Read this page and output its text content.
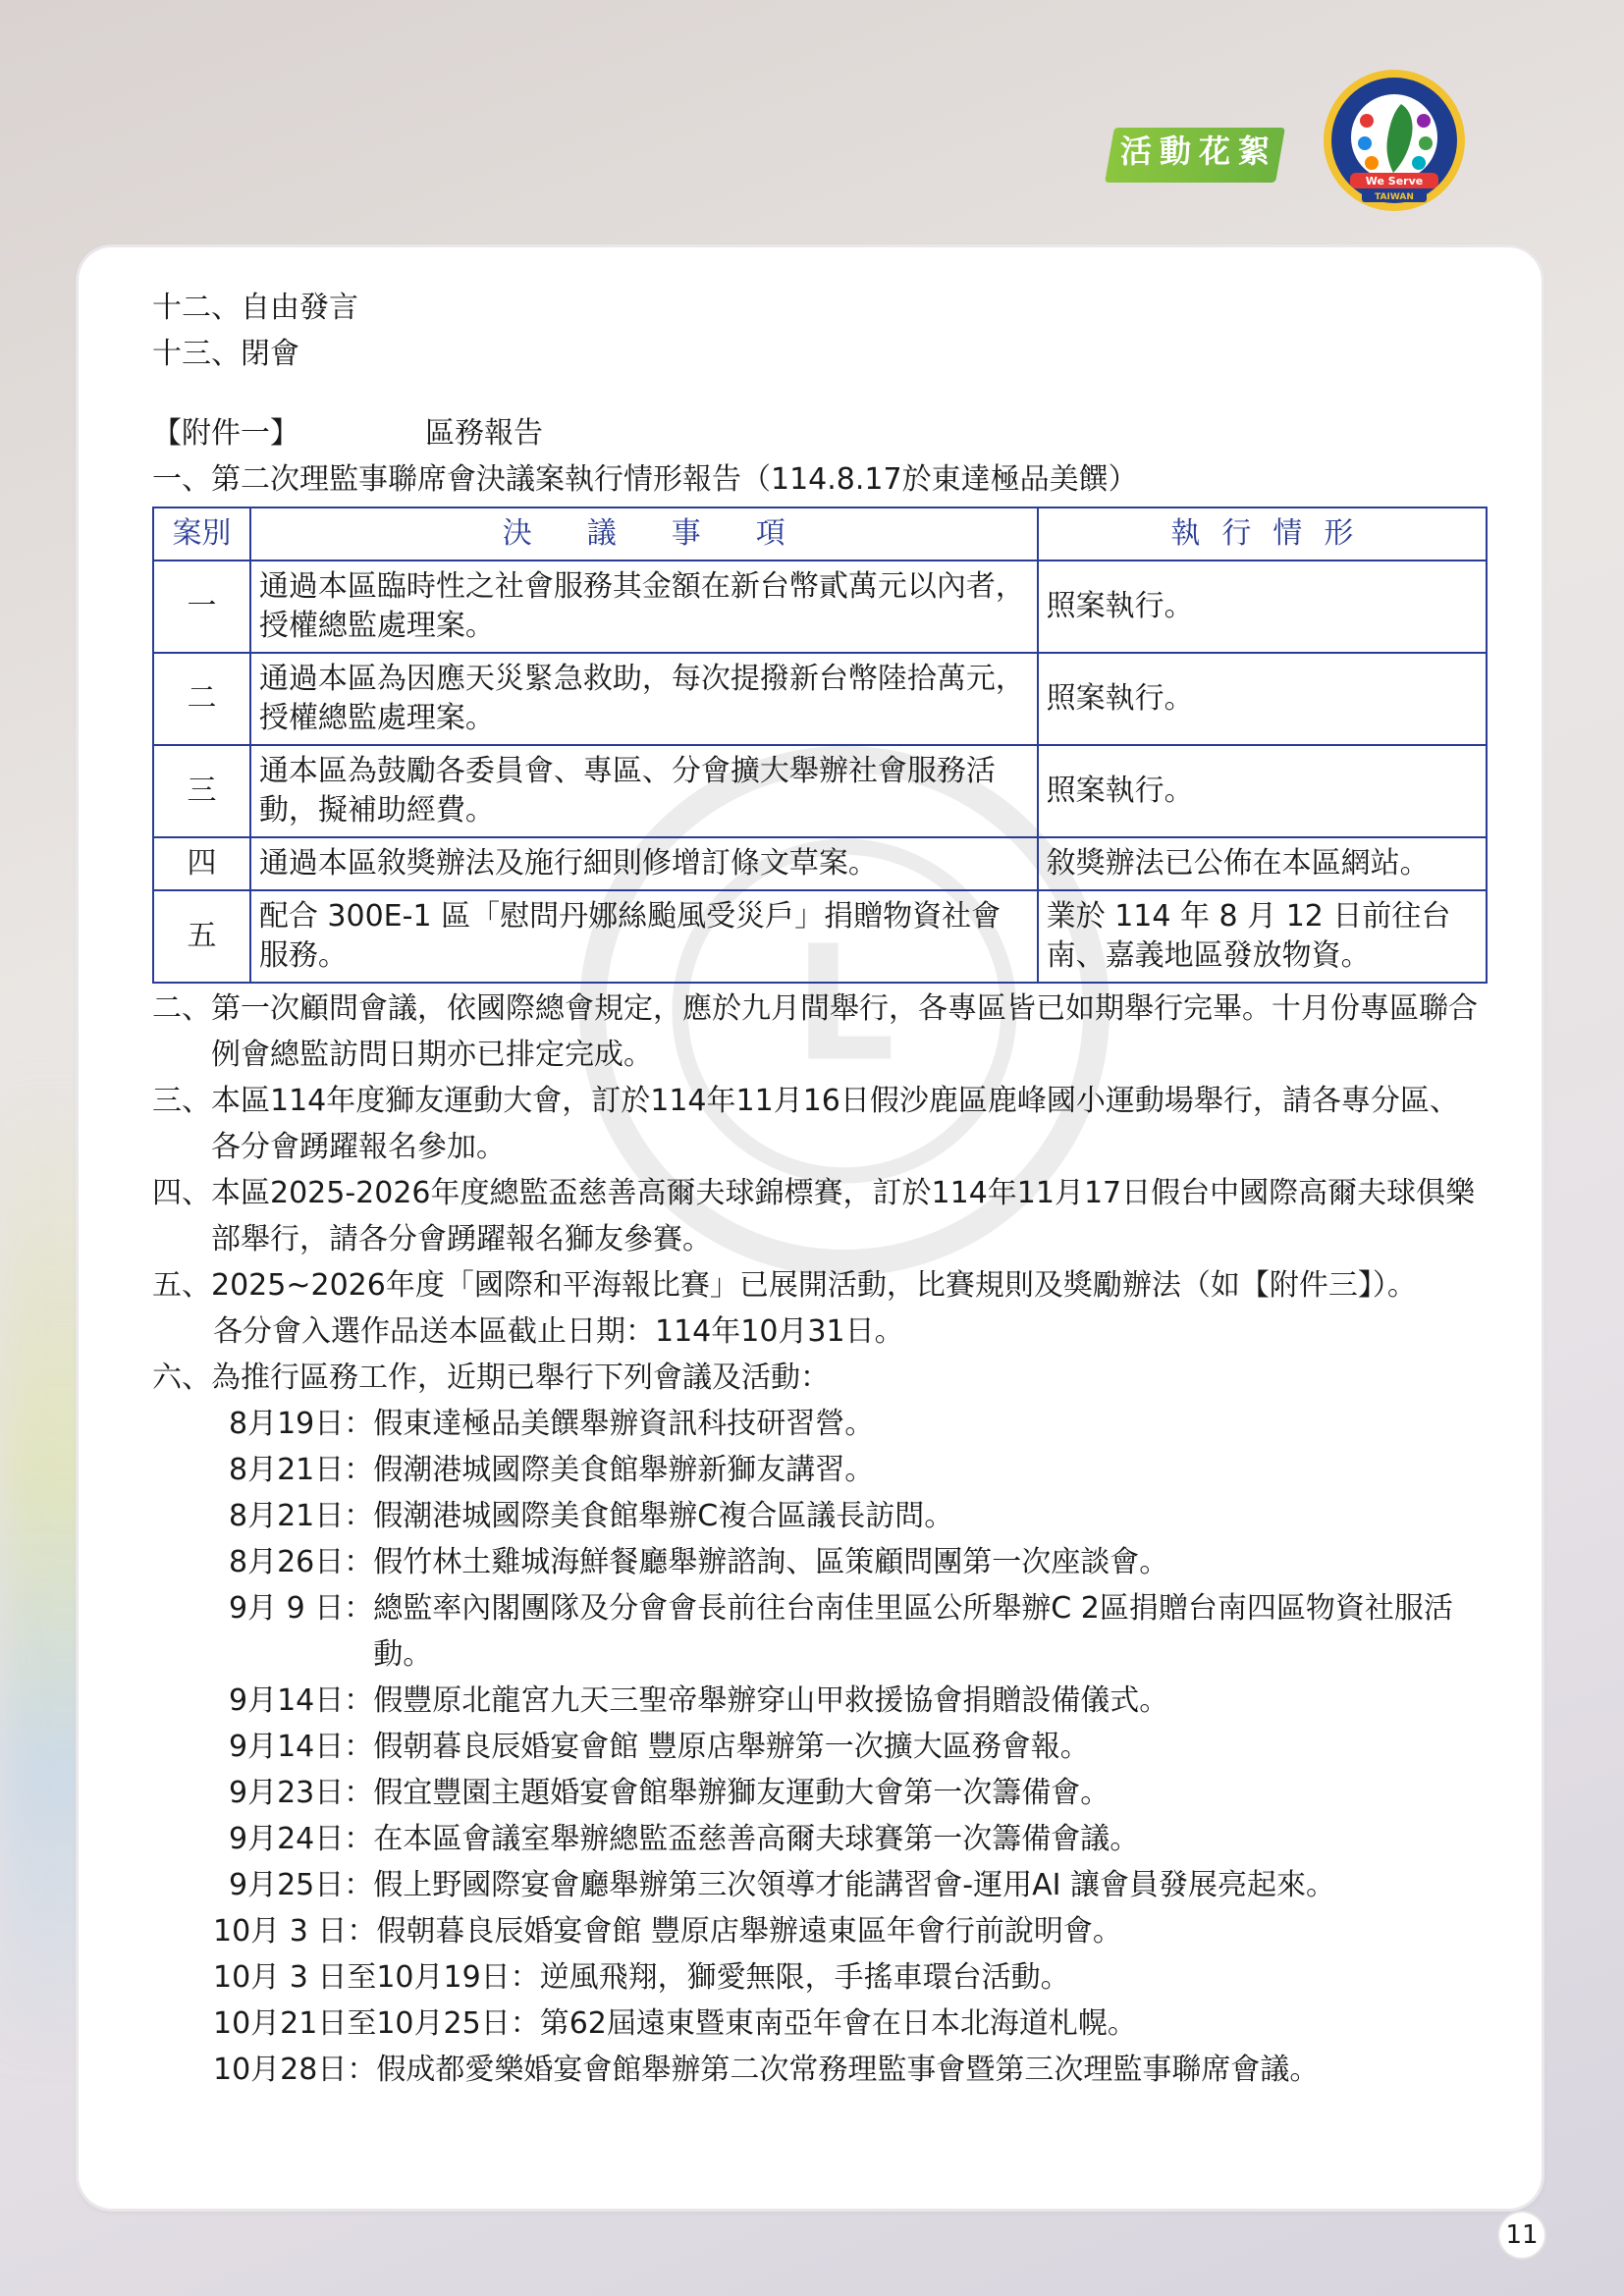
活 動 花 絮
We Serve
TAIWAN
L
十二、自由發言
十三、閉會
【附件一】	區務報告
一、第二次理監事聯席會決議案執行情形報告（114.8.17於東達極品美饌）
案別	決議事項	執行情形
一	通過本區臨時性之社會服務其金額在新台幣貳萬元以內者，授權總監處理案。	照案執行。
二	通過本區為因應天災緊急救助，每次提撥新台幣陸拾萬元，授權總監處理案。	照案執行。
三	通本區為鼓勵各委員會、專區、分會擴大舉辦社會服務活動，擬補助經費。	照案執行。
四	通過本區敘獎辦法及施行細則修增訂條文草案。	敘獎辦法已公佈在本區網站。
五	配合 300E-1 區「慰問丹娜絲颱風受災戶」捐贈物資社會服務。	業於 114 年 8 月 12 日前往台南、嘉義地區發放物資。
二、 第一次顧問會議，依國際總會規定，應於九月間舉行，各專區皆已如期舉行完畢。十月份專區聯合例會總監訪問日期亦已排定完成。
三、 本區114年度獅友運動大會，訂於114年11月16日假沙鹿區鹿峰國小運動場舉行，請各專分區、各分會踴躍報名參加。
四、 本區2025-2026年度總監盃慈善高爾夫球錦標賽，訂於114年11月17日假台中國際高爾夫球俱樂部舉行，請各分會踴躍報名獅友參賽。
五、 2025~2026年度「國際和平海報比賽」已展開活動，比賽規則及獎勵辦法（如【附件三】）。
各分會入選作品送本區截止日期：114年10月31日。
六、 為推行區務工作，近期已舉行下列會議及活動：
8月19日： 假東達極品美饌舉辦資訊科技研習營。
8月21日： 假潮港城國際美食館舉辦新獅友講習。
8月21日： 假潮港城國際美食館舉辦C複合區議長訪問。
8月26日： 假竹林土雞城海鮮餐廳舉辦諮詢、區策顧問團第一次座談會。
9月 9 日： 總監率內閣團隊及分會會長前往台南佳里區公所舉辦C 2區捐贈台南四區物資社服活動。
9月14日： 假豐原北龍宮九天三聖帝舉辦穿山甲救援協會捐贈設備儀式。
9月14日： 假朝暮良辰婚宴會館 豐原店舉辦第一次擴大區務會報。
9月23日： 假宜豐園主題婚宴會館舉辦獅友運動大會第一次籌備會。
9月24日： 在本區會議室舉辦總監盃慈善高爾夫球賽第一次籌備會議。
9月25日： 假上野國際宴會廳舉辦第三次領導才能講習會-運用AI 讓會員發展亮起來。
10月 3 日： 假朝暮良辰婚宴會館 豐原店舉辦遠東區年會行前說明會。
10月 3 日至10月19日： 逆風飛翔，獅愛無限，手搖車環台活動。
10月21日至10月25日： 第62屆遠東暨東南亞年會在日本北海道札幌。
10月28日： 假成都愛樂婚宴會館舉辦第二次常務理監事會暨第三次理監事聯席會議。
11
